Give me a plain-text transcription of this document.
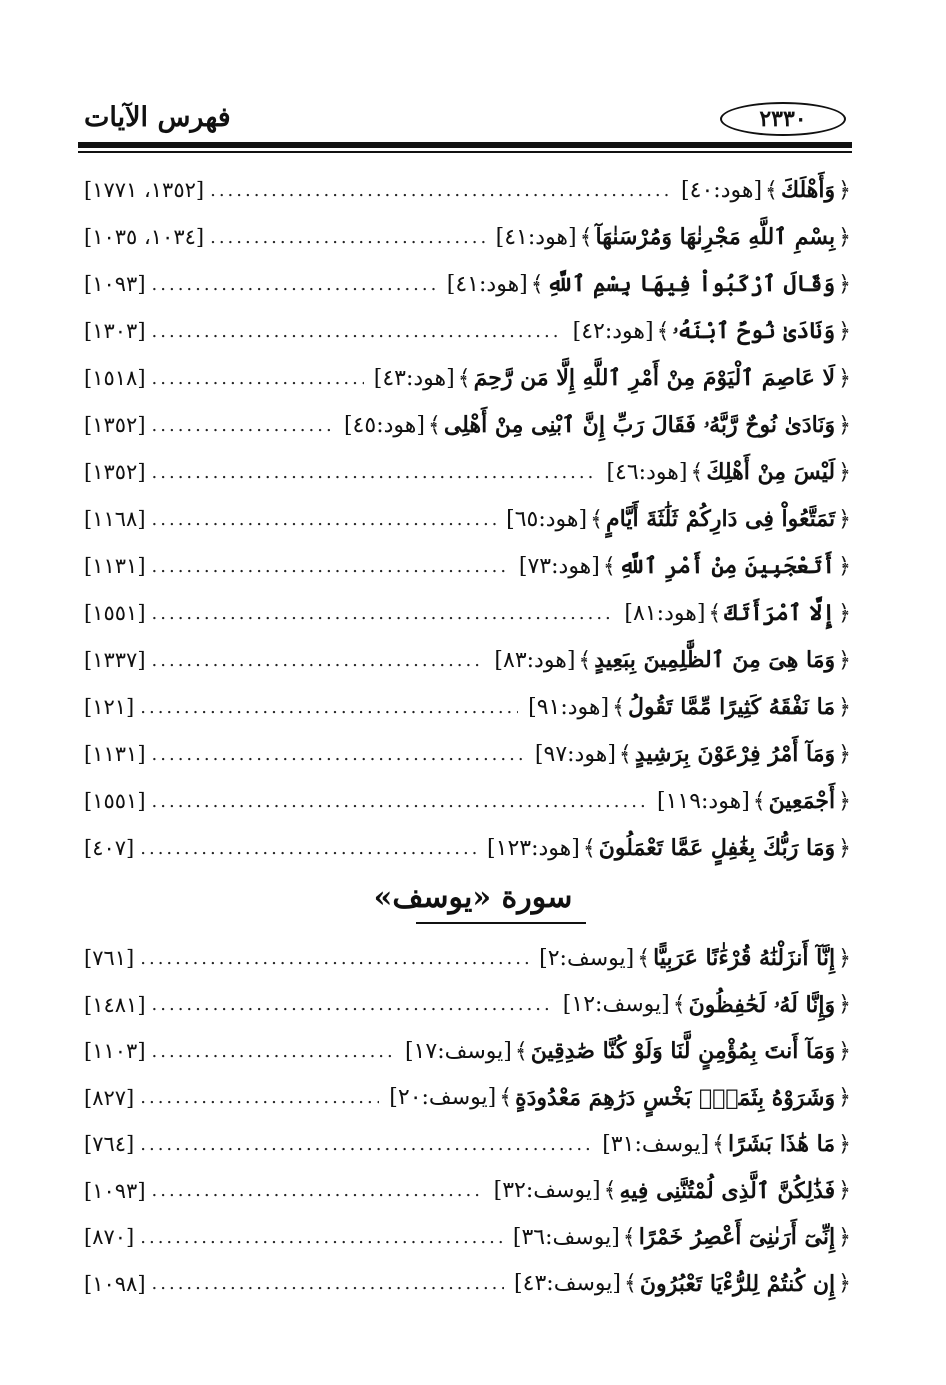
فهرس الآيات	٢٣٣٠
﴿
وَأَهْلَكَ
﴾
[هود:٤٠]
.....
[١٣٥٢، ١٧٧١]
﴿
بِسْمِ ٱللَّهِ مَجْرِنٰهَا وَمُرْسَنٰهَآ
﴾
[هود:٤١]
.....
[١٠٣٤، ١٠٣٥]
﴿
وَقَالَ ٱرْكَبُواْ فِيهَا بِسْمِ ٱللَّهِ
﴾
[هود:٤١]
.....
[١٠٩٣]
﴿
وَنَادَىٰ نُوحٌ ٱبْنَهُۥ
﴾
[هود:٤٢]
.....
[١٣٠٣]
﴿
لَا عَاصِمَ ٱلْيَوْمَ مِنْ أَمْرِ ٱللَّهِ إِلَّا مَن رَّحِمَ
﴾
[هود:٤٣]
.....
[١٥١٨]
﴿
وَنَادَىٰ نُوحٌ رَّبَّهُۥ فَقَالَ رَبِّ إِنَّ ٱبْنِى مِنْ أَهْلِى
﴾
[هود:٤٥]
.....
[١٣٥٢]
﴿
لَيْسَ مِنْ أَهْلِكَ
﴾
[هود:٤٦]
.....
[١٣٥٢]
﴿
تَمَتَّعُواْ فِى دَارِكُمْ ثَلَٰثَةَ أَيَّامٍ
﴾
[هود:٦٥]
.....
[١١٦٨]
﴿
أَتَعْجَبِينَ مِنْ أَمْرِ ٱللَّهِ
﴾
[هود:٧٣]
.....
[١١٣١]
﴿
إِلَّا ٱمْرَأَتَكَ
﴾
[هود:٨١]
.....
[١٥٥١]
﴿
وَمَا هِىَ مِنَ ٱلظَّٰلِمِينَ بِبَعِيدٍ
﴾
[هود:٨٣]
.....
[١٣٣٧]
﴿
مَا نَفْقَهُ كَثِيرًا مِّمَّا تَقُولُ
﴾
[هود:٩١]
.....
[١٢١]
﴿
وَمَآ أَمْرُ فِرْعَوْنَ بِرَشِيدٍ
﴾
[هود:٩٧]
.....
[١١٣١]
﴿
أَجْمَعِينَ
﴾
[هود:١١٩]
.....
[١٥٥١]
﴿
وَمَا رَبُّكَ بِغَٰفِلٍ عَمَّا تَعْمَلُونَ
﴾
[هود:١٢٣]
.....
[٤٠٧]
سورة «يوسف»
﴿
إِنَّآ أَنزَلْنَٰهُ قُرْءَٰنًا عَرَبِيًّا
﴾
[يوسف:٢]
.....
[٧٦١]
﴿
وَإِنَّا لَهُۥ لَحَٰفِظُونَ
﴾
[يوسف:١٢]
.....
[١٤٨١]
﴿
وَمَآ أَنتَ بِمُؤْمِنٍ لَّنَا وَلَوْ كُنَّا صَٰدِقِينَ
﴾
[يوسف:١٧]
.....
[١١٠٣]
﴿
وَشَرَوْهُ بِثَمَنٍۭ بَخْسٍ دَرَٰهِمَ مَعْدُودَةٍ
﴾
[يوسف:٢٠]
.....
[٨٢٧]
﴿
مَا هَٰذَا بَشَرًا
﴾
[يوسف:٣١]
.....
[٧٦٤]
﴿
فَذَٰلِكُنَّ ٱلَّذِى لُمْتُنَّنِى فِيهِ
﴾
[يوسف:٣٢]
.....
[١٠٩٣]
﴿
إِنِّىٓ أَرَىٰنِىٓ أَعْصِرُ خَمْرًا
﴾
[يوسف:٣٦]
.....
[٨٧٠]
﴿
إِن كُنتُمْ لِلرُّءْيَا تَعْبُرُونَ
﴾
[يوسف:٤٣]
.....
[١٠٩٨]
